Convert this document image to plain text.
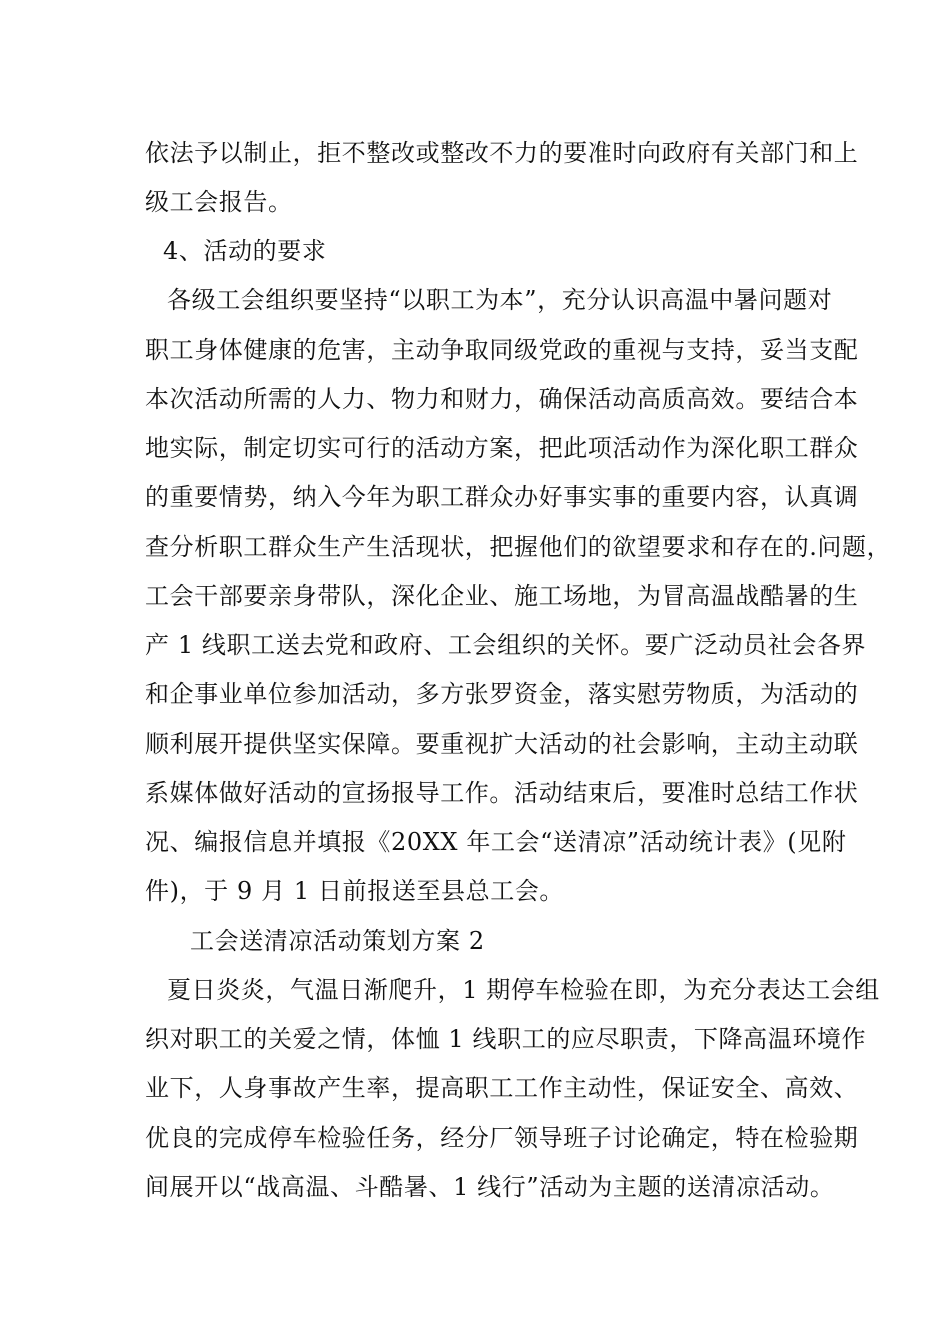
依法予以制止，拒不整改或整改不力的要准时向政府有关部门和上
级工会报告。
4、活动的要求
各级工会组织要坚持“以职工为本”，充分认识高温中暑问题对
职工身体健康的危害，主动争取同级党政的重视与支持，妥当支配
本次活动所需的人力、物力和财力，确保活动高质高效。要结合本
地实际，制定切实可行的活动方案，把此项活动作为深化职工群众
的重要情势，纳入今年为职工群众办好事实事的重要内容，认真调
查分析职工群众生产生活现状，把握他们的欲望要求和存在的.问题，
工会干部要亲身带队，深化企业、施工场地，为冒高温战酷暑的生
产 1 线职工送去党和政府、工会组织的关怀。要广泛动员社会各界
和企事业单位参加活动，多方张罗资金，落实慰劳物质，为活动的
顺利展开提供坚实保障。要重视扩大活动的社会影响，主动主动联
系媒体做好活动的宣扬报导工作。活动结束后，要准时总结工作状
况、编报信息并填报《20XX 年工会“送清凉”活动统计表》(见附
件)，于 9 月 1 日前报送至县总工会。
工会送清凉活动策划方案 2
夏日炎炎，气温日渐爬升，1 期停车检验在即，为充分表达工会组
织对职工的关爱之情，体恤 1 线职工的应尽职责，下降高温环境作
业下，人身事故产生率，提高职工工作主动性，保证安全、高效、
优良的完成停车检验任务，经分厂领导班子讨论确定，特在检验期
间展开以“战高温、斗酷暑、1 线行”活动为主题的送清凉活动。
